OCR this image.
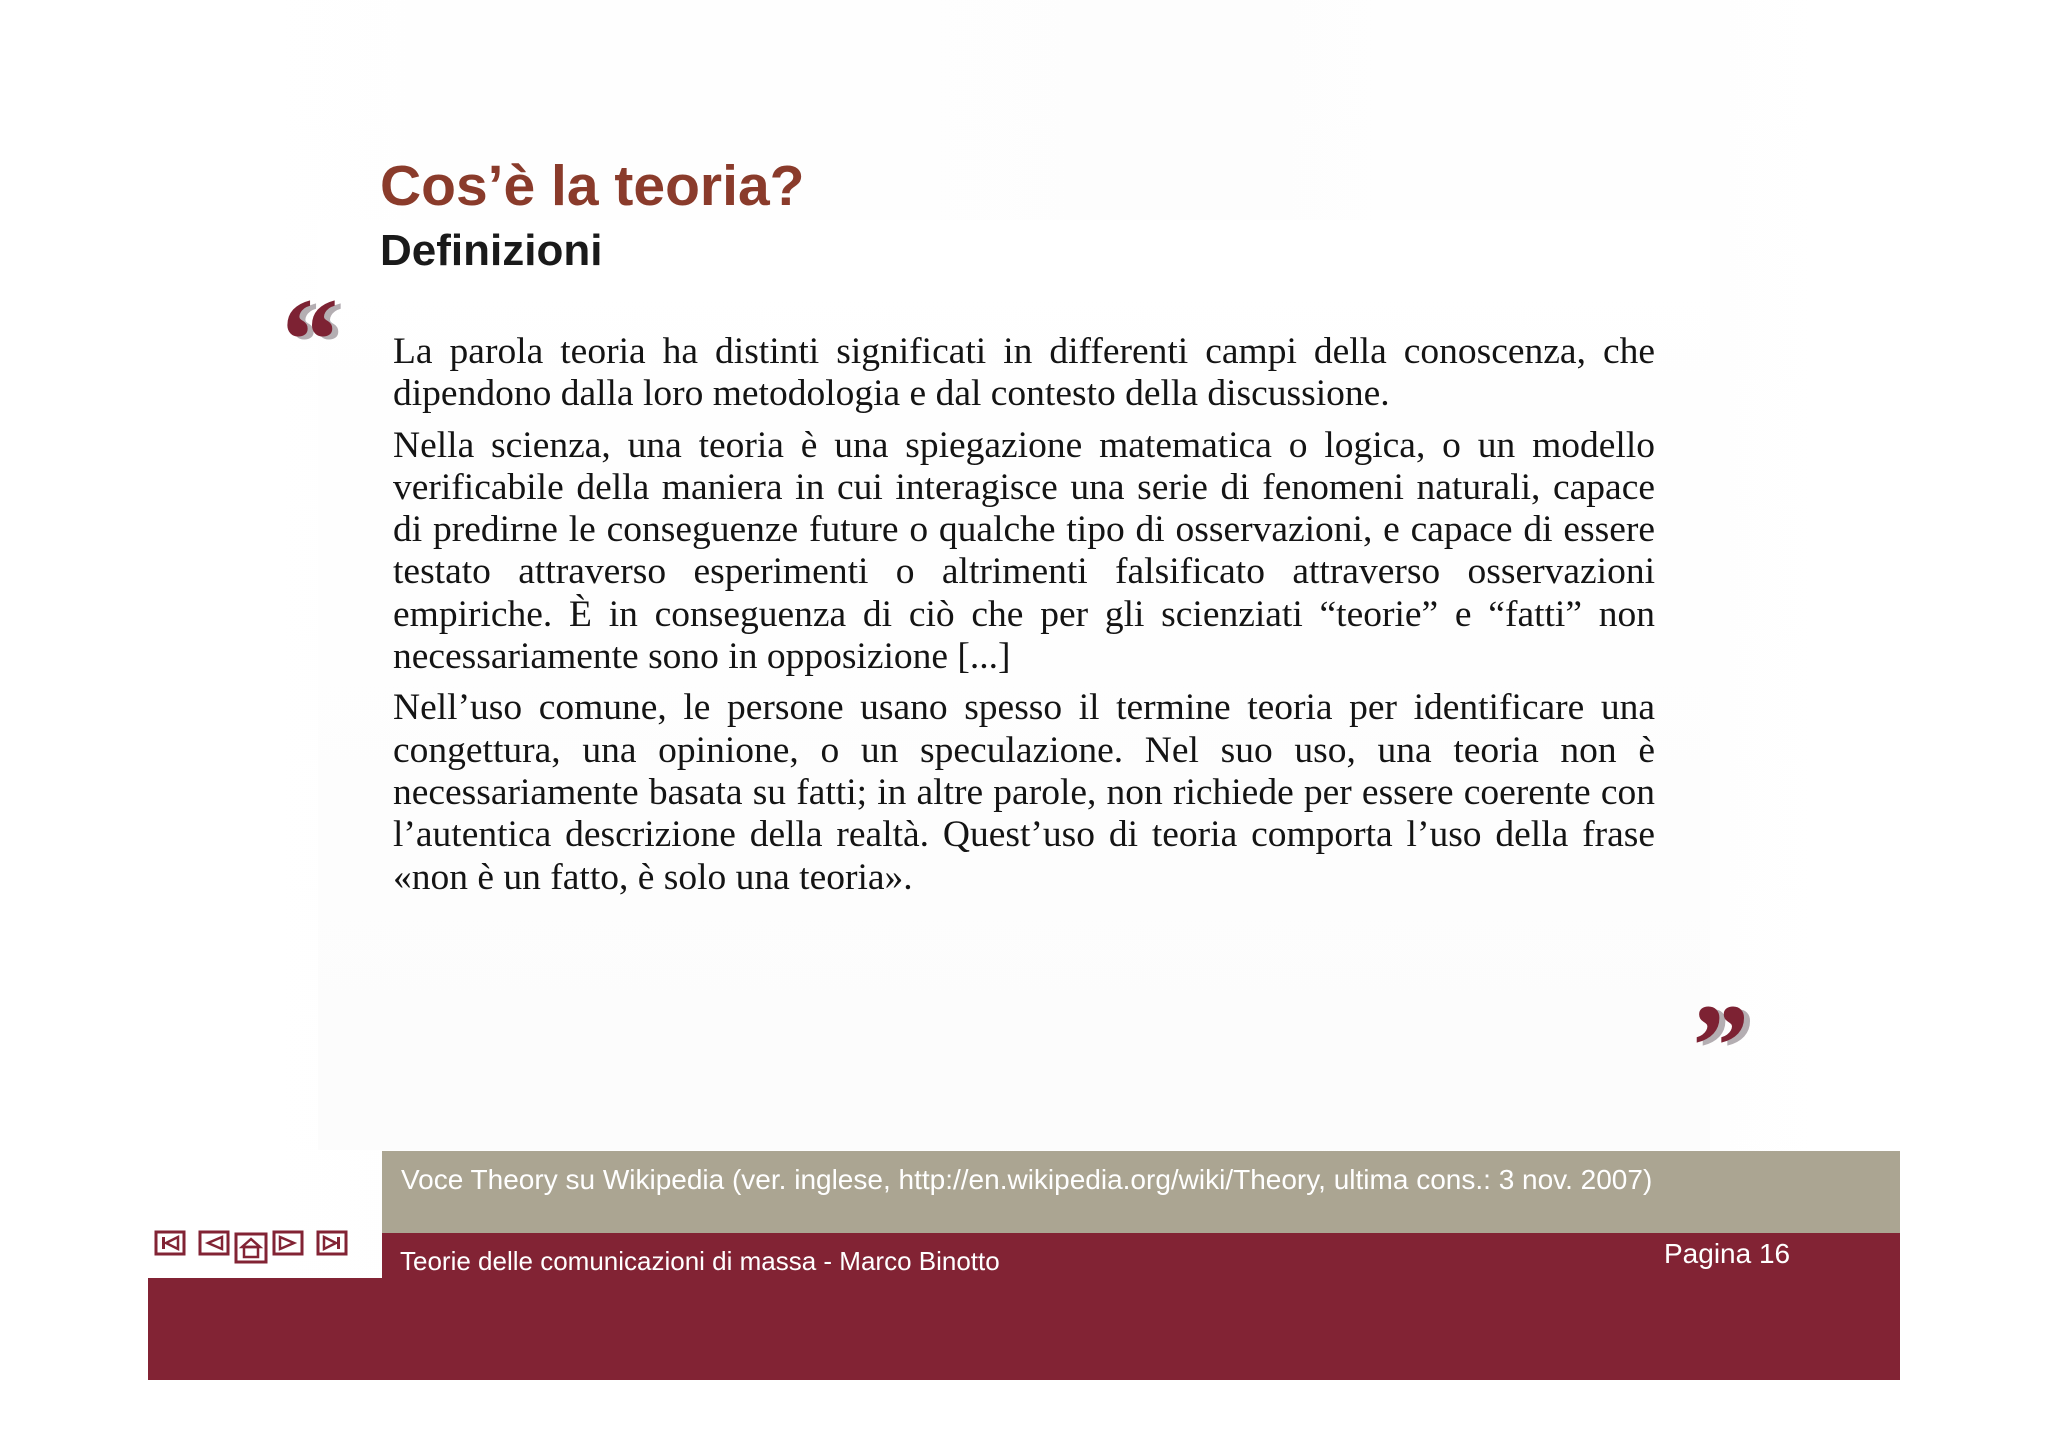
Cos’è la teoria?
Definizioni
“ La parola teoria ha distinti significati in differenti campi della conoscenza, che dipendono dalla loro metodologia e dal contesto della discussione.

Nella scienza, una teoria è una spiegazione matematica o logica, o un modello verificabile della maniera in cui interagisce una serie di fenomeni naturali, capace di predirne le conseguenze future o qualche tipo di osservazioni, e capace di essere testato attraverso esperimenti o altrimenti falsificato attraverso osservazioni empiriche. È in conseguenza di ciò che per gli scienziati “teorie” e “fatti” non necessariamente sono in opposizione [...]

Nell’uso comune, le persone usano spesso il termine teoria per identificare una congettura, una opinione, o un speculazione. Nel suo uso, una teoria non è necessariamente basata su fatti; in altre parole, non richiede per essere coerente con l’autentica descrizione della realtà. Quest’uso di teoria comporta l’uso della frase «non è un fatto, è solo una teoria».

”
Voce Theory su Wikipedia (ver. inglese, http://en.wikipedia.org/wiki/Theory, ultima cons.: 3 nov. 2007)
Teorie delle comunicazioni di massa - Marco Binotto	Pagina 16
